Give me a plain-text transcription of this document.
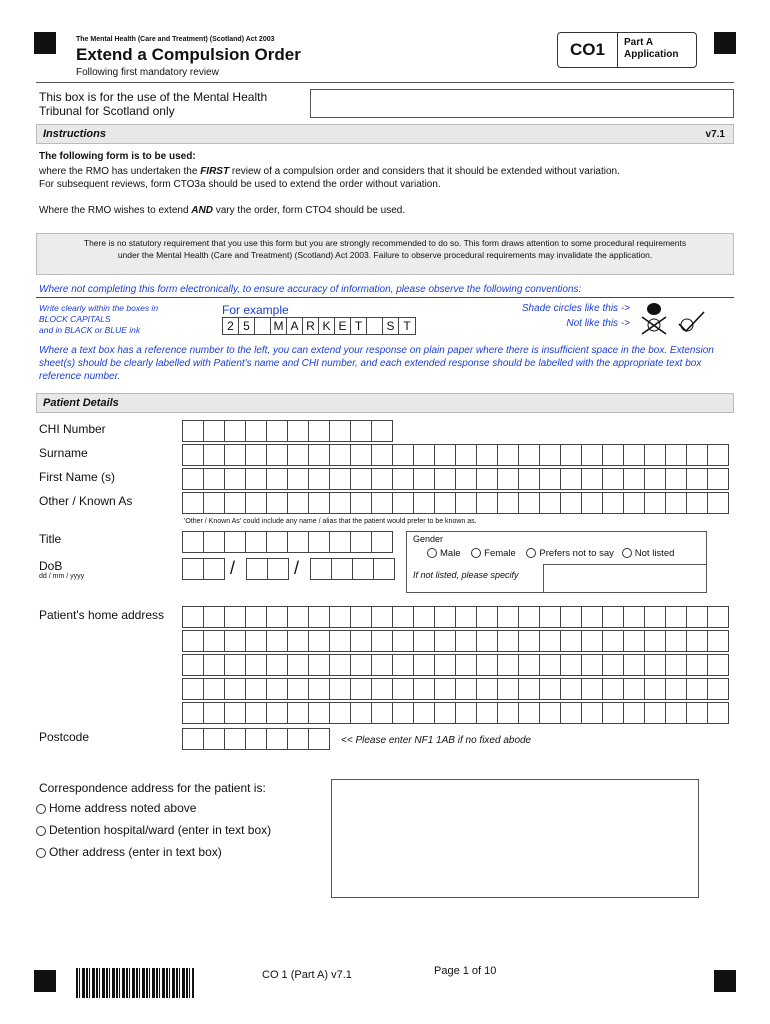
The Mental Health (Care and Treatment) (Scotland) Act 2003
Extend a Compulsion Order
Following first mandatory review
CO1	Part A
Application
This box is for the use of the Mental Health Tribunal for Scotland only
Instructions	v7.1
The following form is to be used:
where the RMO has undertaken the FIRST review of a compulsion order and considers that it should be extended without variation.
For subsequent reviews, form CTO3a should be used to extend the order without variation.
Where the RMO wishes to extend AND vary the order, form CTO4 should be used.
There is no statutory requirement that you use this form but you are strongly recommended to do so. This form draws attention to some procedural requirements under the Mental Health (Care and Treatment) (Scotland) Act 2003. Failure to observe procedural requirements may invalidate the application.
Where not completing this form electronically, to ensure accuracy of information, please observe the following conventions:
Write clearly within the boxes in
BLOCK CAPITALS
and in BLACK or BLUE ink
For example
2 5	M A R K E T	S T
Shade circles like this ->
Not like this ->
Where a text box has a reference number to the left, you can extend your response on plain paper where there is insufficient space in the box. Extension sheet(s) should be clearly labelled with Patient's name and CHI number, and each extended response should be labelled with the appropriate text box reference number.
Patient Details
CHI Number
Surname
First Name (s)
Other / Known As
'Other / Known As' could include any name / alias that the patient would prefer to be known as.
Title
DoB
dd / mm / yyyy	/	/
Gender
Male Female Prefers not to say Not listed
If not listed, please specify
Patient's home address
Postcode	<< Please enter NF1 1AB if no fixed abode
Correspondence address for the patient is:
Home address noted above
Detention hospital/ward (enter in text box)
Other address (enter in text box)
CO 1 (Part A) v7.1	Page 1 of 10
